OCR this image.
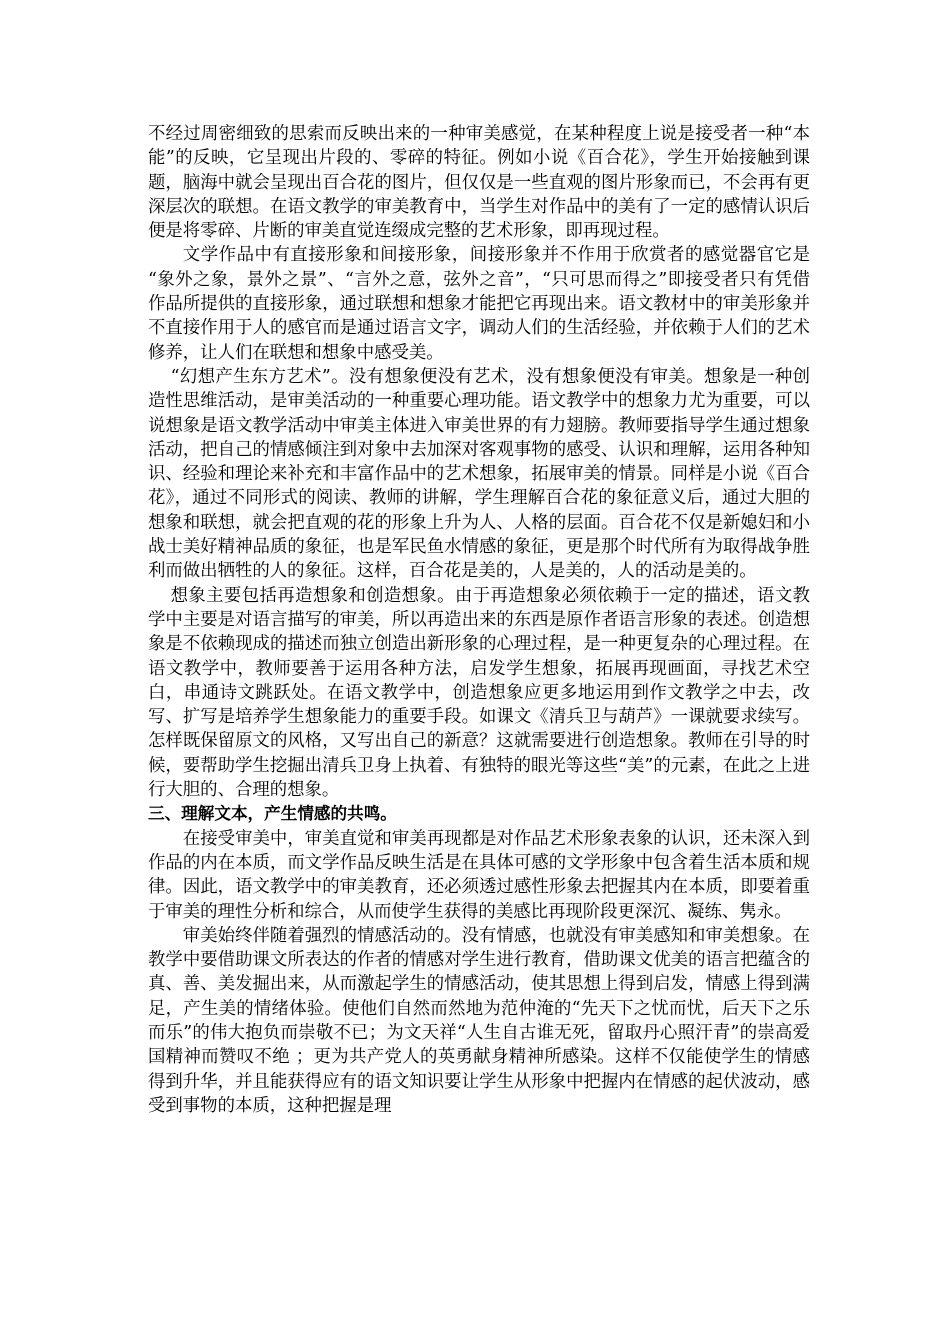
不经过周密细致的思索而反映出来的一种审美感觉，在某种程度上说是接受者一种“本能”的反映，它呈现出片段的、零碎的特征。例如小说《百合花》，学生开始接触到课题，脑海中就会呈现出百合花的图片，但仅仅是一些直观的图片形象而已，不会再有更深层次的联想。在语文教学的审美教育中，当学生对作品中的美有了一定的感情认识后便是将零碎、片断的审美直觉连缀成完整的艺术形象，即再现过程。

文学作品中有直接形象和间接形象，间接形象并不作用于欣赏者的感觉器官它是 “象外之象，景外之景”、“言外之意，弦外之音”，“只可思而得之”即接受者只有凭借作品所提供的直接形象，通过联想和想象才能把它再现出来。语文教材中的审美形象并不直接作用于人的感官而是通过语言文字，调动人们的生活经验，并依赖于人们的艺术修养，让人们在联想和想象中感受美。

“幻想产生东方艺术”。没有想象便没有艺术，没有想象便没有审美。想象是一种创造性思维活动，是审美活动的一种重要心理功能。语文教学中的想象力尤为重要，可以说想象是语文教学活动中审美主体进入审美世界的有力翅膀。教师要指导学生通过想象活动，把自己的情感倾注到对象中去加深对客观事物的感受、认识和理解，运用各种知识、经验和理论来补充和丰富作品中的艺术想象，拓展审美的情景。同样是小说《百合花》，通过不同形式的阅读、教师的讲解，学生理解百合花的象征意义后，通过大胆的想象和联想，就会把直观的花的形象上升为人、人格的层面。百合花不仅是新媳妇和小战士美好精神品质的象征，也是军民鱼水情感的象征，更是那个时代所有为取得战争胜利而做出牺牲的人的象征。这样，百合花是美的，人是美的，人的活动是美的。

想象主要包括再造想象和创造想象。由于再造想象必须依赖于一定的描述，语文教学中主要是对语言描写的审美，所以再造出来的东西是原作者语言形象的表述。创造想象是不依赖现成的描述而独立创造出新形象的心理过程，是一种更复杂的心理过程。在语文教学中，教师要善于运用各种方法，启发学生想象，拓展再现画面，寻找艺术空白，串通诗文跳跃处。在语文教学中，创造想象应更多地运用到作文教学之中去，改写、扩写是培养学生想象能力的重要手段。如课文《清兵卫与葫芦》一课就要求续写。怎样既保留原文的风格，又写出自己的新意？这就需要进行创造想象。教师在引导的时候，要帮助学生挖掘出清兵卫身上执着、有独特的眼光等这些“美”的元素，在此之上进行大胆的、合理的想象。

三、理解文本，产生情感的共鸣。

在接受审美中，审美直觉和审美再现都是对作品艺术形象表象的认识，还未深入到作品的内在本质，而文学作品反映生活是在具体可感的文学形象中包含着生活本质和规律。因此，语文教学中的审美教育，还必须透过感性形象去把握其内在本质，即要着重于审美的理性分析和综合，从而使学生获得的美感比再现阶段更深沉、凝练、隽永。

审美始终伴随着强烈的情感活动的。没有情感，也就没有审美感知和审美想象。在教学中要借助课文所表达的作者的情感对学生进行教育，借助课文优美的语言把蕴含的真、善、美发掘出来，从而激起学生的情感活动，使其思想上得到启发，情感上得到满足，产生美的情绪体验。使他们自然而然地为范仲淹的“先天下之忧而忧，后天下之乐而乐”的伟大抱负而崇敬不已；为文天祥“人生自古谁无死，留取丹心照汗青”的崇高爱国精神而赞叹不绝 ；更为共产党人的英勇献身精神所感染。这样不仅能使学生的情感得到升华，并且能获得应有的语文知识要让学生从形象中把握内在情感的起伏波动，感受到事物的本质，这种把握是理
